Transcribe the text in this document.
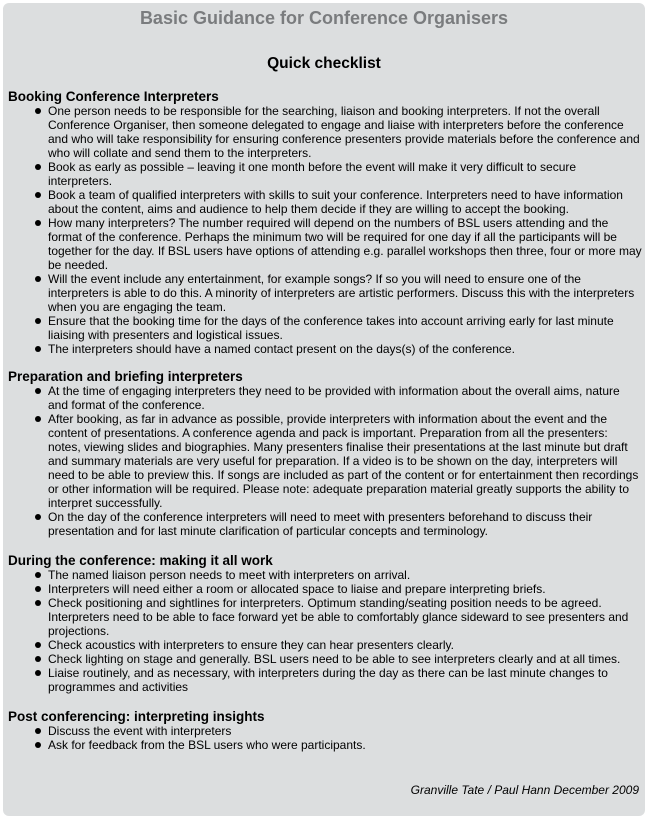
Basic Guidance for Conference Organisers
Quick checklist
Booking Conference Interpreters
One person needs to be responsible for the searching, liaison and booking interpreters. If not the overall Conference Organiser, then someone delegated to engage and liaise with interpreters before the conference and who will take responsibility for ensuring conference presenters provide materials before the conference and who will collate and send them to the interpreters.
Book as early as possible – leaving it one month before the event will make it very difficult to secure interpreters.
Book a team of qualified interpreters with skills to suit your conference. Interpreters need to have information about the content, aims and audience to help them decide if they are willing to accept the booking.
How many interpreters? The number required will depend on the numbers of BSL users attending and the format of the conference. Perhaps the minimum two will be required for one day if all the participants will be together for the day. If BSL users have options of attending e.g. parallel workshops then three, four or more may be needed.
Will the event include any entertainment, for example songs? If so you will need to ensure one of the interpreters is able to do this. A minority of interpreters are artistic performers. Discuss this with the interpreters when you are engaging the team.
Ensure that the booking time for the days of the conference takes into account arriving early for last minute liaising with presenters and logistical issues.
The interpreters should have a named contact present on the days(s) of the conference.
Preparation and briefing interpreters
At the time of engaging interpreters they need to be provided with information about the overall aims, nature and format of the conference.
After booking, as far in advance as possible, provide interpreters with information about the event and the content of presentations. A conference agenda and pack is important. Preparation from all the presenters: notes, viewing slides and biographies. Many presenters finalise their presentations at the last minute but draft and summary materials are very useful for preparation. If a video is to be shown on the day, interpreters will need to be able to preview this. If songs are included as part of the content or for entertainment then recordings or other information will be required. Please note: adequate preparation material greatly supports the ability to interpret successfully.
On the day of the conference interpreters will need to meet with presenters beforehand to discuss their presentation and for last minute clarification of particular concepts and terminology.
During the conference: making it all work
The named liaison person needs to meet with interpreters on arrival.
Interpreters will need either a room or allocated space to liaise and prepare interpreting briefs.
Check positioning and sightlines for interpreters. Optimum standing/seating position needs to be agreed. Interpreters need to be able to face forward yet be able to comfortably glance sideward to see presenters and projections.
Check acoustics with interpreters to ensure they can hear presenters clearly.
Check lighting on stage and generally. BSL users need to be able to see interpreters clearly and at all times.
Liaise routinely, and as necessary, with interpreters during the day as there can be last minute changes to programmes and activities
Post conferencing: interpreting insights
Discuss the event with interpreters
Ask for feedback from the BSL users who were participants.

Granville Tate / Paul Hann December 2009
